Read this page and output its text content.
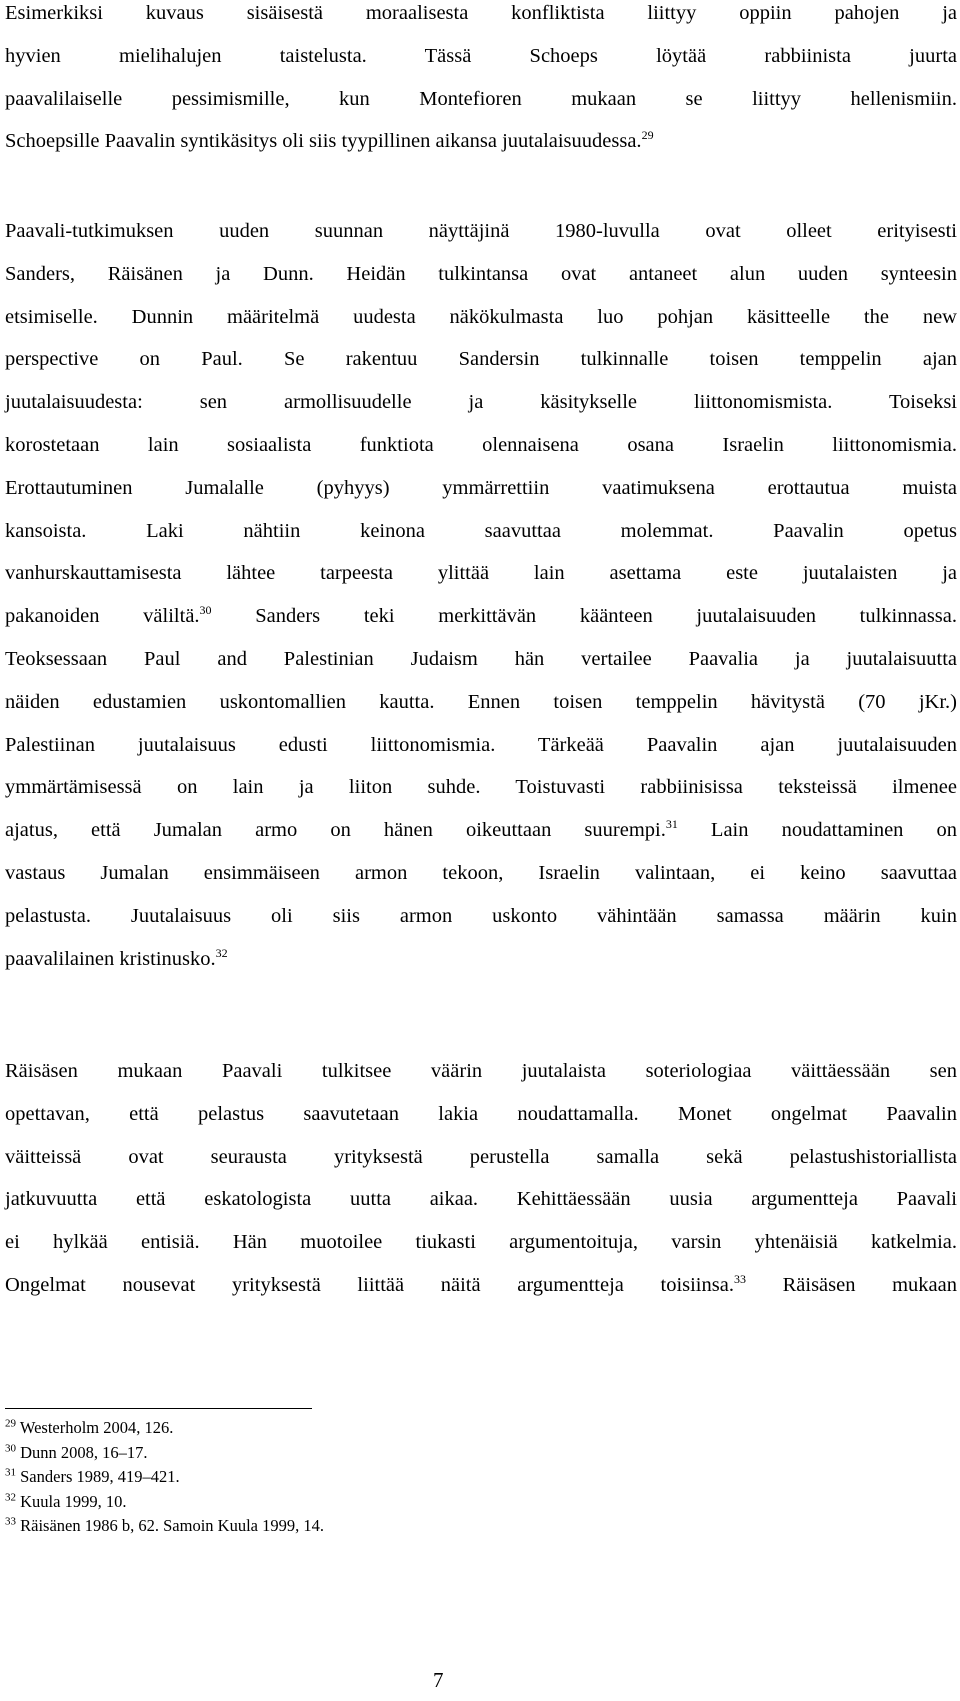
Esimerkiksi kuvaus sisäisestä moraalisesta konfliktista liittyy oppiin pahojen ja
hyvien mielihalujen taistelusta. Tässä Schoeps löytää rabbiinista juurta
paavalilaiselle pessimismille, kun Montefioren mukaan se liittyy hellenismiin.
Schoepsille Paavalin syntikäsitys oli siis tyypillinen aikansa juutalaisuudessa.$^{29}$
Paavali-tutkimuksen uuden suunnan näyttäjinä 1980-luvulla ovat olleet erityisesti
Sanders, Räisänen ja Dunn. Heidän tulkintansa ovat antaneet alun uuden synteesin
etsimiselle. Dunnin määritelmä uudesta näkökulmasta luo pohjan käsitteelle the new
perspective on Paul. Se rakentuu Sandersin tulkinnalle toisen temppelin ajan
juutalaisuudesta: sen armollisuudelle ja käsitykselle liittonomismista. Toiseksi
korostetaan lain sosiaalista funktiota olennaisena osana Israelin liittonomismia.
Erottautuminen Jumalalle (pyhyys) ymmärrettiin vaatimuksena erottautua muista
kansoista. Laki nähtiin keinona saavuttaa molemmat. Paavalin opetus
vanhurskauttamisesta lähtee tarpeesta ylittää lain asettama este juutalaisten ja
pakanoiden väliltä.$^{30}$ Sanders teki merkittävän käänteen juutalaisuuden tulkinnassa.
Teoksessaan Paul and Palestinian Judaism hän vertailee Paavalia ja juutalaisuutta
näiden edustamien uskontomallien kautta. Ennen toisen temppelin hävitystä (70 jKr.)
Palestiinan juutalaisuus edusti liittonomismia. Tärkeää Paavalin ajan juutalaisuuden
ymmärtämisessä on lain ja liiton suhde. Toistuvasti rabbiinisissa teksteissä ilmenee
ajatus, että Jumalan armo on hänen oikeuttaan suurempi.$^{31}$ Lain noudattaminen on
vastaus Jumalan ensimmäiseen armon tekoon, Israelin valintaan, ei keino saavuttaa
pelastusta. Juutalaisuus oli siis armon uskonto vähintään samassa määrin kuin
paavalilainen kristinusko.$^{32}$
Räisäsen mukaan Paavali tulkitsee väärin juutalaista soteriologiaa väittäessään sen
opettavan, että pelastus saavutetaan lakia noudattamalla. Monet ongelmat Paavalin
väitteissä ovat seurausta yrityksestä perustella samalla sekä pelastushistoriallista
jatkuvuutta että eskatologista uutta aikaa. Kehittäessään uusia argumentteja Paavali
ei hylkää entisiä. Hän muotoilee tiukasti argumentoituja, varsin yhtenäisiä katkelmia.
Ongelmat nousevat yrityksestä liittää näitä argumentteja toisiinsa.$^{33}$ Räisäsen mukaan
$^{29}$ Westerholm 2004, 126.
$^{30}$ Dunn 2008, 16–17.
$^{31}$ Sanders 1989, 419–421.
$^{32}$ Kuula 1999, 10.
$^{33}$ Räisänen 1986 b, 62. Samoin Kuula 1999, 14.
7
